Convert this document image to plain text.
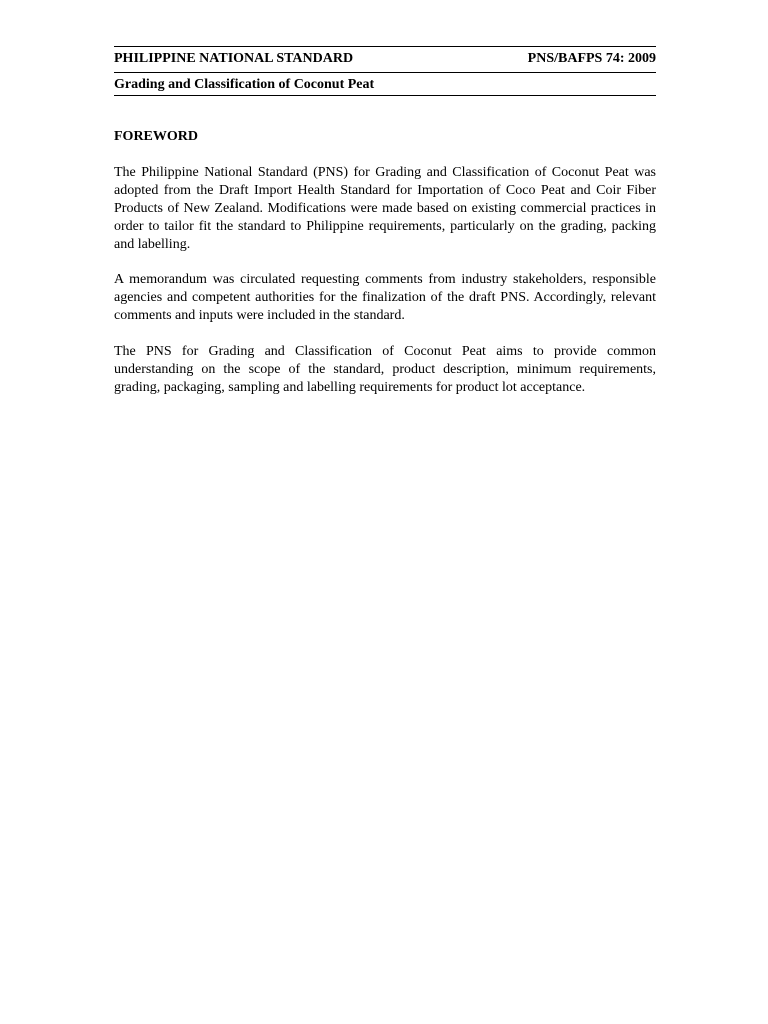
PHILIPPINE NATIONAL STANDARD	PNS/BAFPS 74: 2009
Grading and Classification of Coconut Peat
FOREWORD

The Philippine National Standard (PNS) for Grading and Classification of Coconut Peat was adopted from the Draft Import Health Standard for Importation of Coco Peat and Coir Fiber Products of New Zealand. Modifications were made based on existing commercial practices in order to tailor fit the standard to Philippine requirements, particularly on the grading, packing and labelling.

A memorandum was circulated requesting comments from industry stakeholders, responsible agencies and competent authorities for the finalization of the draft PNS. Accordingly, relevant comments and inputs were included in the standard.

The PNS for Grading and Classification of Coconut Peat aims to provide common understanding on the scope of the standard, product description, minimum requirements, grading, packaging, sampling and labelling requirements for product lot acceptance.
